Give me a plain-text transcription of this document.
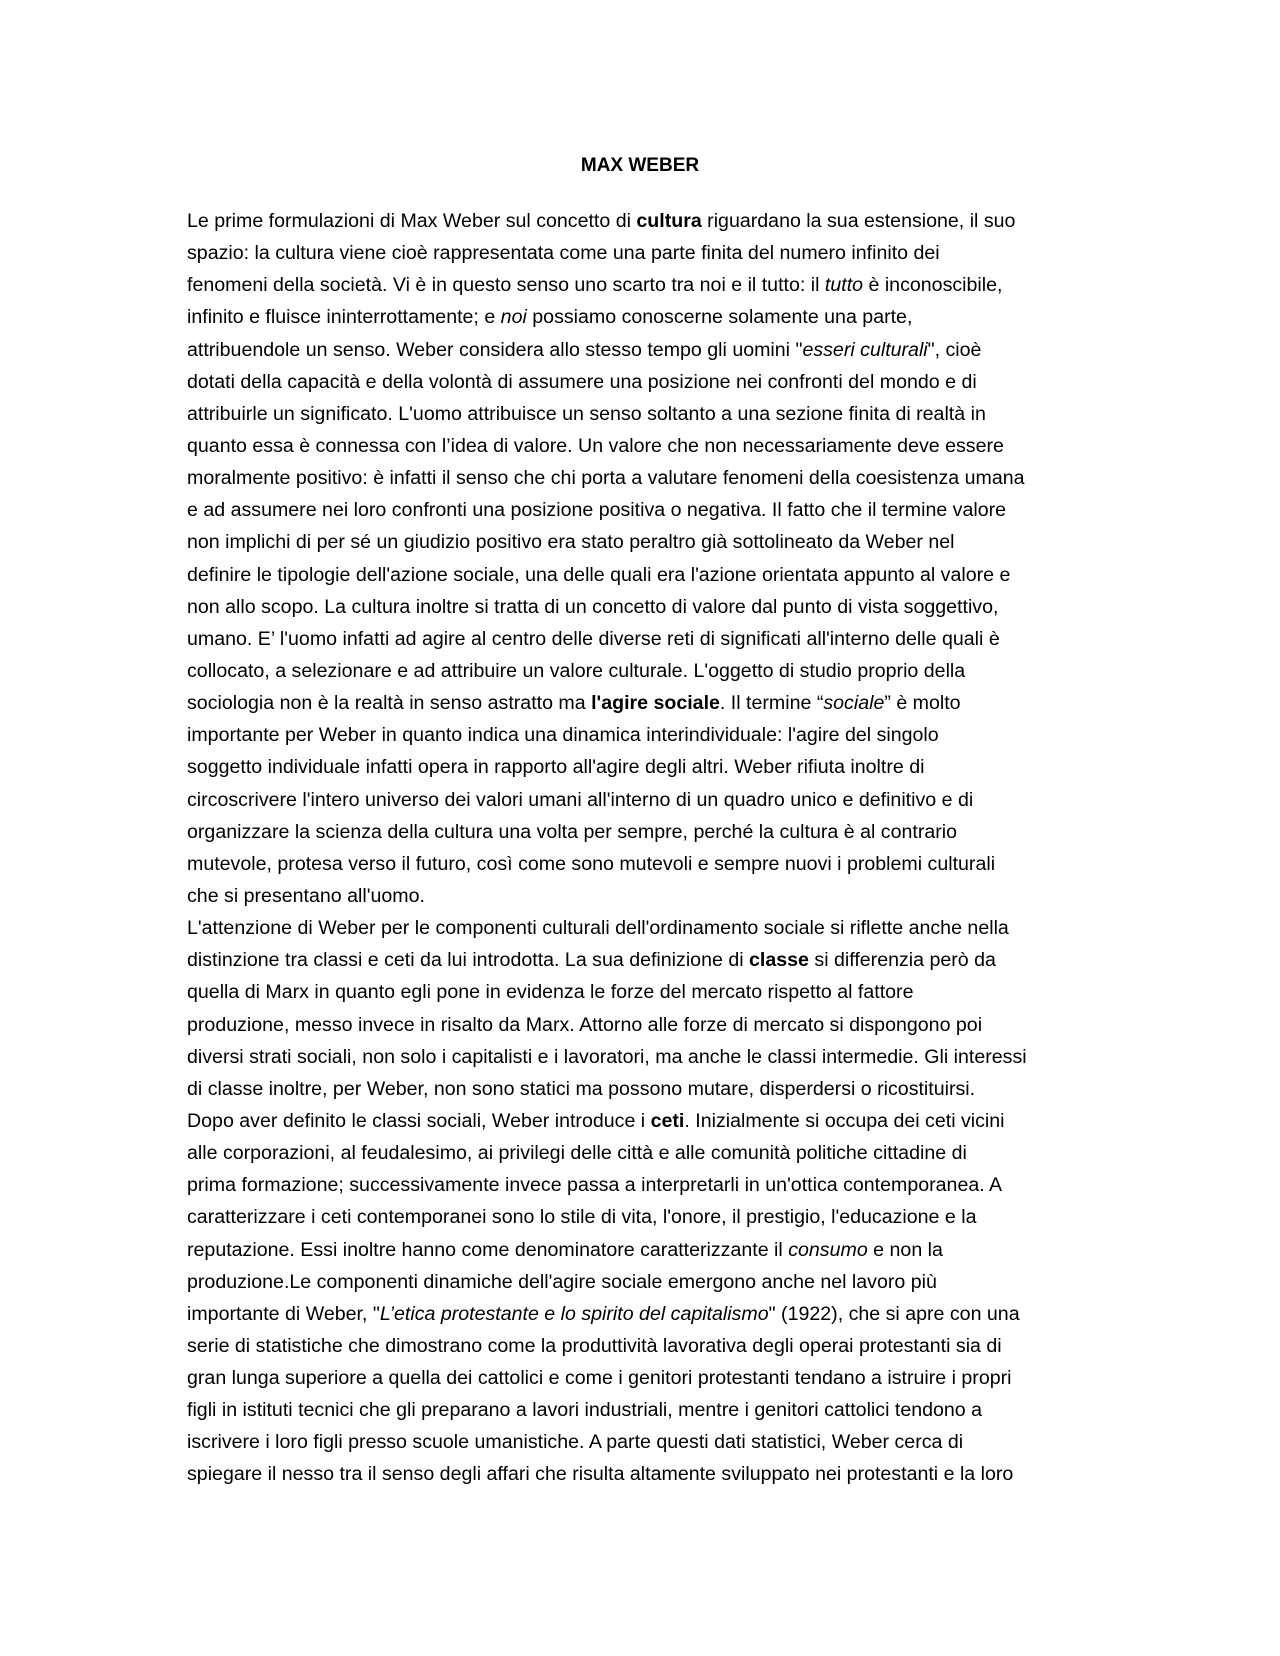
MAX WEBER
Le prime formulazioni di Max Weber sul concetto di cultura riguardano la sua estensione, il suo
spazio: la cultura viene cioè rappresentata come una parte finita del numero infinito dei
fenomeni della società. Vi è in questo senso uno scarto tra noi e il tutto: il tutto è inconoscibile,
infinito e fluisce ininterrottamente; e noi possiamo conoscerne solamente una parte,
attribuendole un senso. Weber considera allo stesso tempo gli uomini "esseri culturali", cioè
dotati della capacità e della volontà di assumere una posizione nei confronti del mondo e di
attribuirle un significato. L'uomo attribuisce un senso soltanto a una sezione finita di realtà in
quanto essa è connessa con l’idea di valore. Un valore che non necessariamente deve essere
moralmente positivo: è infatti il senso che chi porta a valutare fenomeni della coesistenza umana
e ad assumere nei loro confronti una posizione positiva o negativa. Il fatto che il termine valore
non implichi di per sé un giudizio positivo era stato peraltro già sottolineato da Weber nel
definire le tipologie dell'azione sociale, una delle quali era l'azione orientata appunto al valore e
non allo scopo. La cultura inoltre si tratta di un concetto di valore dal punto di vista soggettivo,
umano. E’ l'uomo infatti ad agire al centro delle diverse reti di significati all'interno delle quali è
collocato, a selezionare e ad attribuire un valore culturale. L'oggetto di studio proprio della
sociologia non è la realtà in senso astratto ma l'agire sociale. Il termine “sociale” è molto
importante per Weber in quanto indica una dinamica interindividuale: l'agire del singolo
soggetto individuale infatti opera in rapporto all'agire degli altri. Weber rifiuta inoltre di
circoscrivere l'intero universo dei valori umani all'interno di un quadro unico e definitivo e di
organizzare la scienza della cultura una volta per sempre, perché la cultura è al contrario
mutevole, protesa verso il futuro, così come sono mutevoli e sempre nuovi i problemi culturali
che si presentano all'uomo.
L'attenzione di Weber per le componenti culturali dell'ordinamento sociale si riflette anche nella
distinzione tra classi e ceti da lui introdotta. La sua definizione di classe si differenzia però da
quella di Marx in quanto egli pone in evidenza le forze del mercato rispetto al fattore
produzione, messo invece in risalto da Marx. Attorno alle forze di mercato si dispongono poi
diversi strati sociali, non solo i capitalisti e i lavoratori, ma anche le classi intermedie. Gli interessi
di classe inoltre, per Weber, non sono statici ma possono mutare, disperdersi o ricostituirsi.
Dopo aver definito le classi sociali, Weber introduce i ceti. Inizialmente si occupa dei ceti vicini
alle corporazioni, al feudalesimo, ai privilegi delle città e alle comunità politiche cittadine di
prima formazione; successivamente invece passa a interpretarli in un'ottica contemporanea. A
caratterizzare i ceti contemporanei sono lo stile di vita, l'onore, il prestigio, l'educazione e la
reputazione. Essi inoltre hanno come denominatore caratterizzante il consumo e non la
produzione.Le componenti dinamiche dell'agire sociale emergono anche nel lavoro più
importante di Weber, "L’etica protestante e lo spirito del capitalismo" (1922), che si apre con una
serie di statistiche che dimostrano come la produttività lavorativa degli operai protestanti sia di
gran lunga superiore a quella dei cattolici e come i genitori protestanti tendano a istruire i propri
figli in istituti tecnici che gli preparano a lavori industriali, mentre i genitori cattolici tendono a
iscrivere i loro figli presso scuole umanistiche. A parte questi dati statistici, Weber cerca di
spiegare il nesso tra il senso degli affari che risulta altamente sviluppato nei protestanti e la loro
